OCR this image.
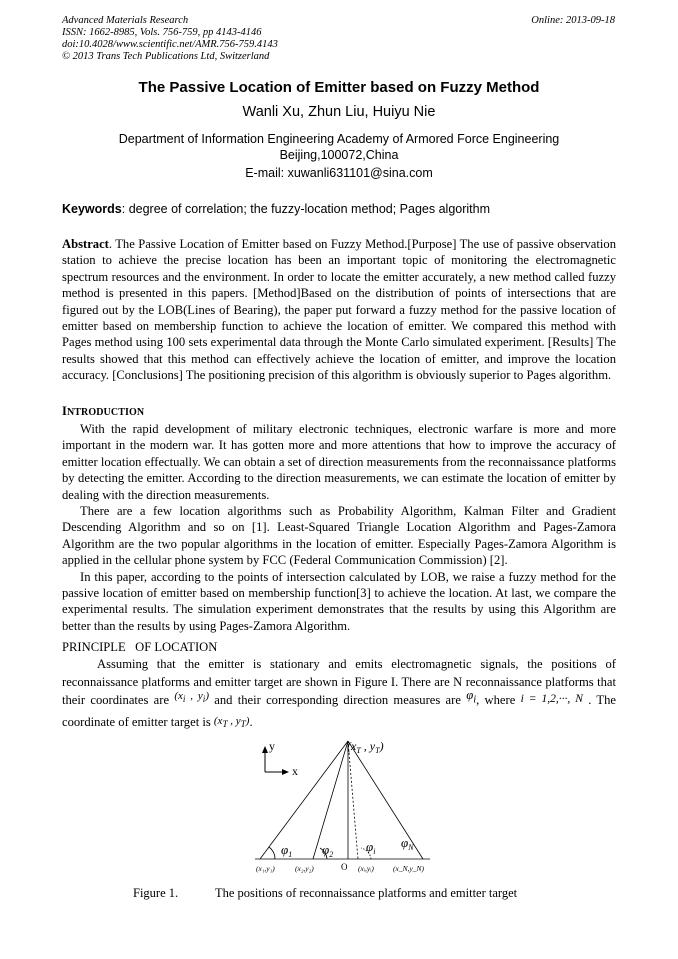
Advanced Materials Research
ISSN: 1662-8985, Vols. 756-759, pp 4143-4146
doi:10.4028/www.scientific.net/AMR.756-759.4143
© 2013 Trans Tech Publications Ltd, Switzerland
Online: 2013-09-18
The Passive Location of Emitter based on Fuzzy Method
Wanli Xu, Zhun Liu, Huiyu Nie
Department of Information Engineering Academy of Armored Force Engineering
Beijing,100072,China
E-mail: xuwanli631101@sina.com
Keywords: degree of correlation; the fuzzy-location method; Pages algorithm
Abstract. The Passive Location of Emitter based on Fuzzy Method.[Purpose] The use of passive observation station to achieve the precise location has been an important topic of monitoring the electromagnetic spectrum resources and the environment. In order to locate the emitter accurately, a new method called fuzzy method is presented in this papers. [Method]Based on the distribution of points of intersections that are figured out by the LOB(Lines of Bearing), the paper put forward a fuzzy method for the passive location of emitter based on membership function to achieve the location of emitter. We compared this method with Pages method using 100 sets experimental data through the Monte Carlo simulated experiment. [Results] The results showed that this method can effectively achieve the location of emitter, and improve the location accuracy. [Conclusions] The positioning precision of this algorithm is obviously superior to Pages algorithm.
INTRODUCTION

With the rapid development of military electronic techniques, electronic warfare is more and more important in the modern war. It has gotten more and more attentions that how to improve the accuracy of emitter location effectually. We can obtain a set of direction measurements from the reconnaissance platforms by detecting the emitter. According to the direction measurements, we can estimate the location of emitter by dealing with the direction measurements.

There are a few location algorithms such as Probability Algorithm, Kalman Filter and Gradient Descending Algorithm and so on [1]. Least-Squared Triangle Location Algorithm and Pages-Zamora Algorithm are the two popular algorithms in the location of emitter. Especially Pages-Zamora Algorithm is applied in the cellular phone system by FCC (Federal Communication Commission) [2].

In this paper, according to the points of intersection calculated by LOB, we raise a fuzzy method for the passive location of emitter based on membership function[3] to achieve the location. At last, we compare the experimental results. The simulation experiment demonstrates that the results by using this Algorithm are better than the results by using Pages-Zamora Algorithm.

PRINCIPLE   OF LOCATION

Assuming that the emitter is stationary and emits electromagnetic signals, the positions of reconnaissance platforms and emitter target are shown in Figure I. There are N reconnaissance platforms that their coordinates are ($x_i$ , $y_i$) and their corresponding direction measures are $\varphi_i$, where i = 1,2,···, N . The coordinate of emitter target is ($x_T$ , $y_T$).

y
x
($x_T$ , $y_T$)
$\varphi_1$ $\varphi_2$
$\varphi_i$
$\varphi_N$
(x₁,y₁)	(x₂,y₂)	O (xᵢ,yᵢ)	(x_N,y_N)
Figure 1.	The positions of reconnaissance platforms and emitter target
